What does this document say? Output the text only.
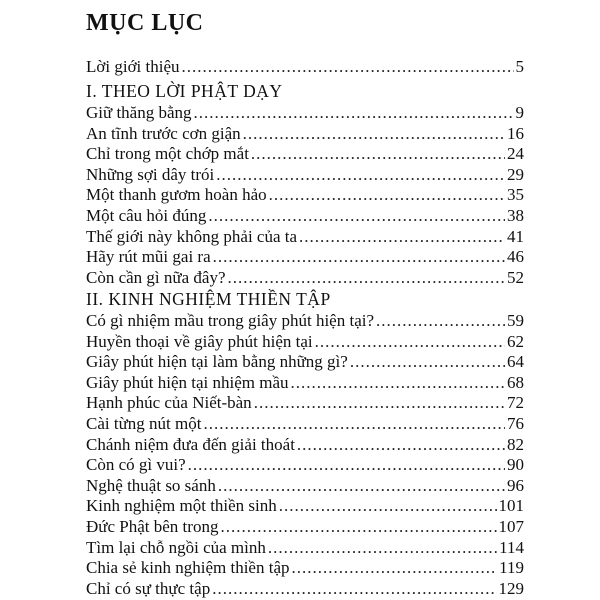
MỤC LỤC
Lời giới thiệu .....	5
I. THEO LỜI PHẬT DẠY
Giữ thăng bằng .....	9
An tĩnh trước cơn giận .....	16
Chỉ trong một chớp mắt .....	24
Những sợi dây trói .....	29
Một thanh gươm hoàn hảo .....	35
Một câu hỏi đúng .....	38
Thế giới này không phải của ta .....	41
Hãy rút mũi gai ra .....	46
Còn cần gì nữa đây? .....	52
II. KINH NGHIỆM THIỀN TẬP
Có gì nhiệm mầu trong giây phút hiện tại? .....	59
Huyền thoại về giây phút hiện tại .....	62
Giây phút hiện tại làm bằng những gì? .....	64
Giây phút hiện tại nhiệm mầu .....	68
Hạnh phúc của Niết-bàn .....	72
Cài từng nút một .....	76
Chánh niệm đưa đến giải thoát .....	82
Còn có gì vui? .....	90
Nghệ thuật so sánh .....	96
Kinh nghiệm một thiền sinh .....	101
Đức Phật bên trong .....	107
Tìm lại chỗ ngồi của mình .....	114
Chia sẻ kinh nghiệm thiền tập .....	119
Chỉ có sự thực tập .....	129
